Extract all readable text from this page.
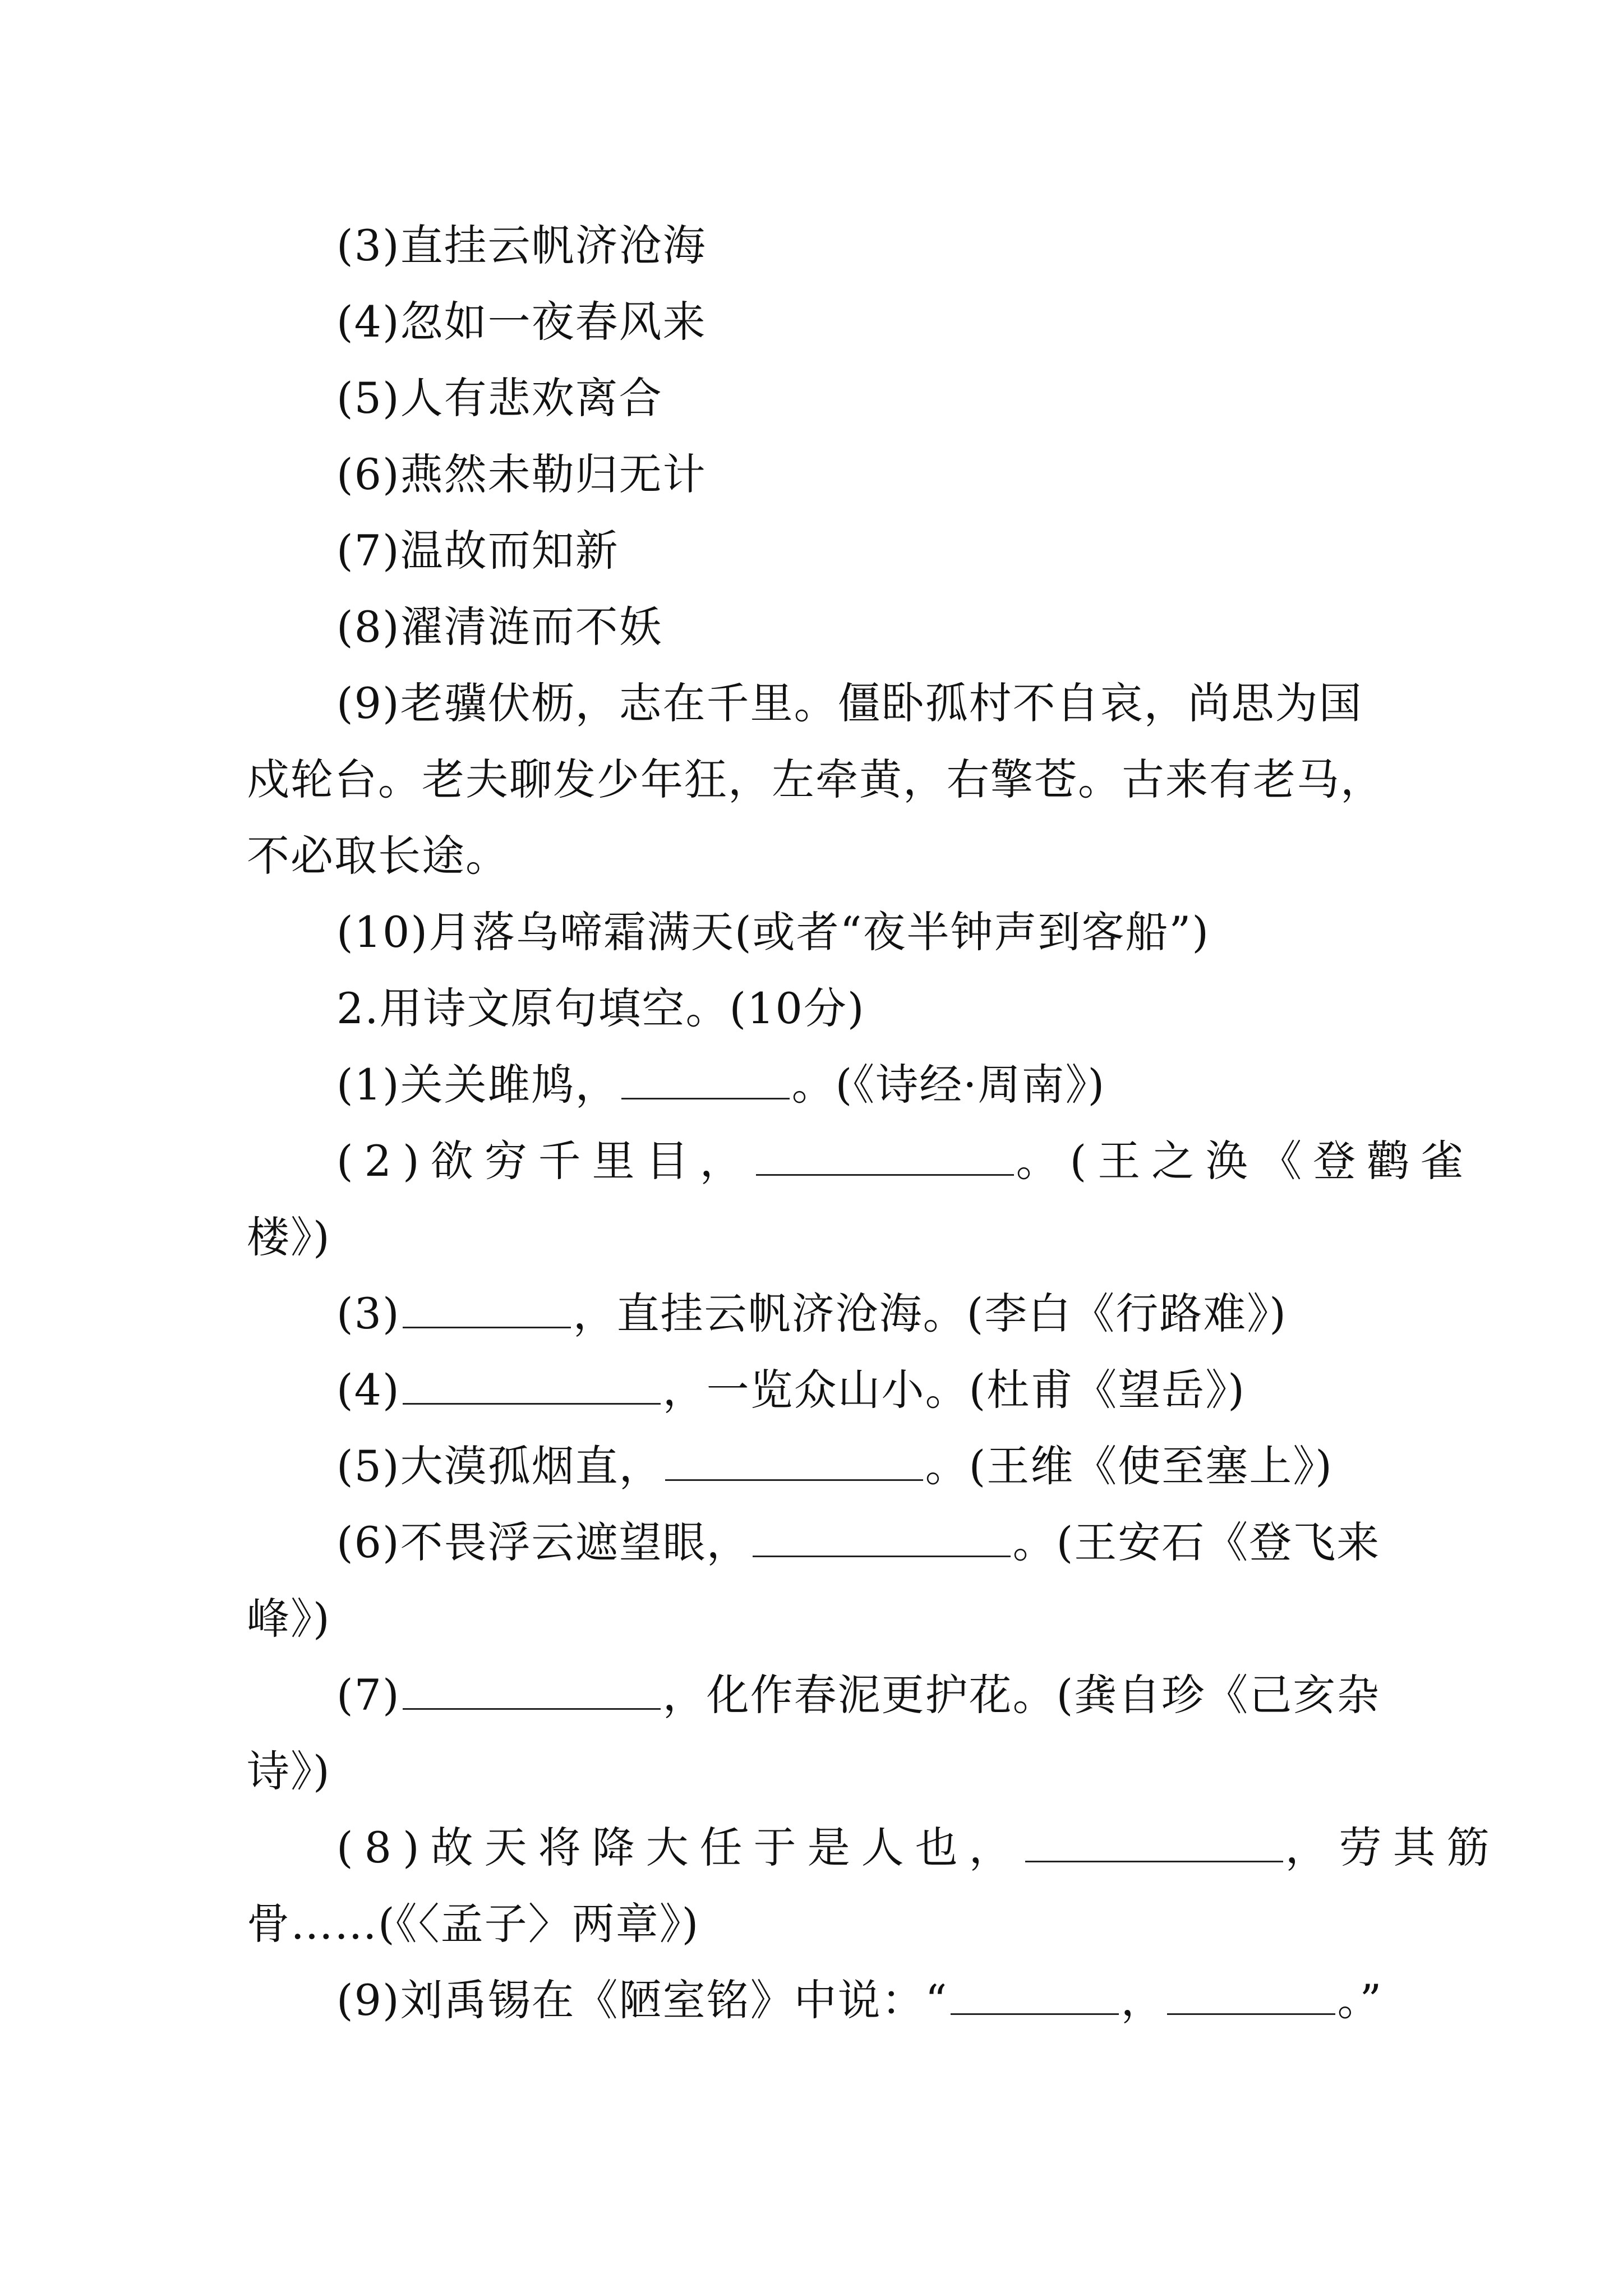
(3)直挂云帆济沧海
(4)忽如一夜春风来
(5)人有悲欢离合
(6)燕然未勒归无计
(7)温故而知新
(8)濯清涟而不妖
(9)老骥伏枥，志在千里。僵卧孤村不自哀，尚思为国
戍轮台。老夫聊发少年狂，左牵黄，右擎苍。古来有老马，
不必取长途。
(10)月落乌啼霜满天(或者“夜半钟声到客船”)
2.用诗文原句填空。(10分)
(1)关关雎鸠，	。(《诗经·周南》)
(2)欲穷千里目，	。(王之涣《登鹳雀
楼》)
(3)	，直挂云帆济沧海。(李白《行路难》)
(4)	，一览众山小。(杜甫《望岳》)
(5)大漠孤烟直，	。(王维《使至塞上》)
(6)不畏浮云遮望眼，	。(王安石《登飞来
峰》)
(7)	，化作春泥更护花。(龚自珍《己亥杂
诗》)
(8)故天将降大任于是人也，	，劳其筋
骨……(《〈孟子〉两章》)
(9)刘禹锡在《陋室铭》中说：“	，	。”
